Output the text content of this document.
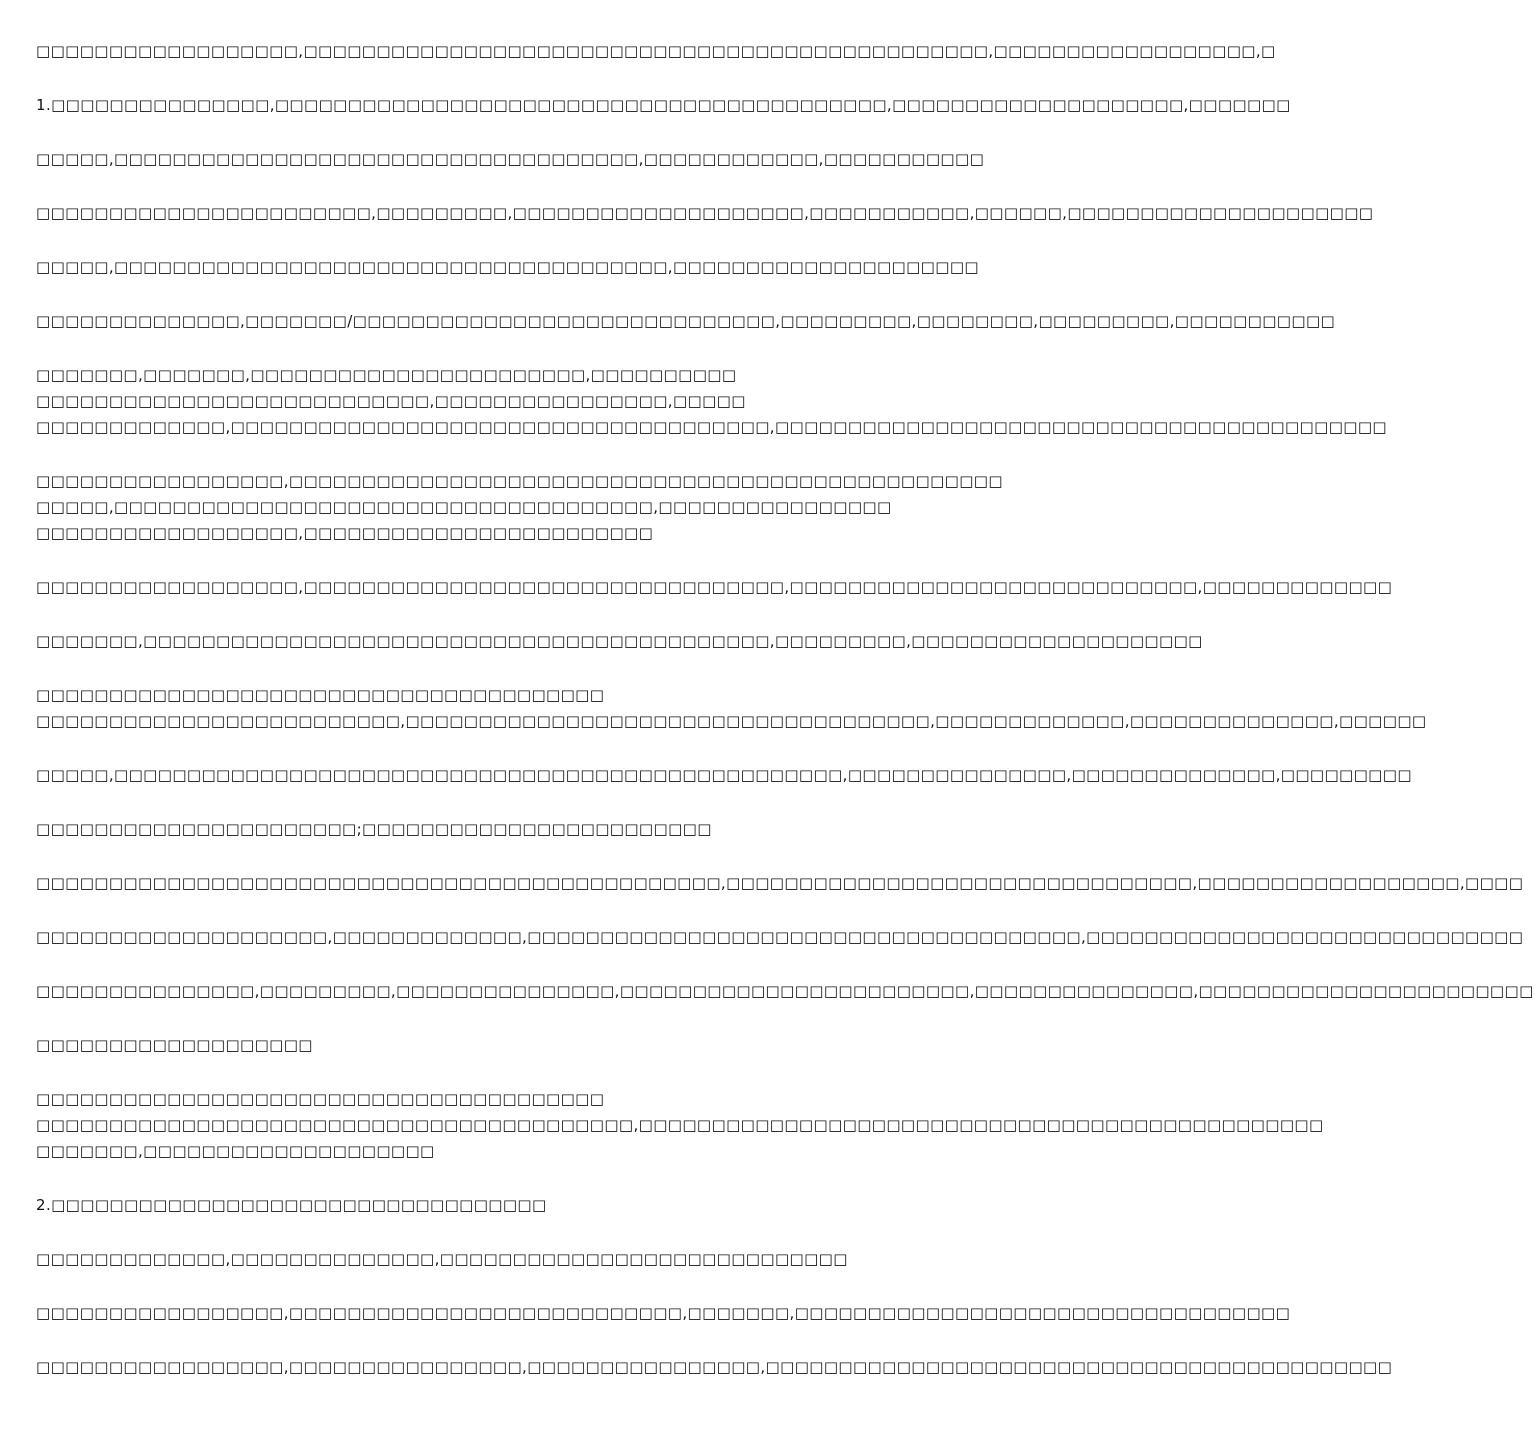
□□□□□□□□□□□□□□□□□□,□□□□□□□□□□□□□□□□□□□□□□□□□□□□□□□□□□□□□□□□□□□□□□□,□□□□□□□□□□□□□□□□□□,□
1.□□□□□□□□□□□□□□□,□□□□□□□□□□□□□□□□□□□□□□□□□□□□□□□□□□□□□□□□□□,□□□□□□□□□□□□□□□□□□□□,□□□□□□□
□□□□□,□□□□□□□□□□□□□□□□□□□□□□□□□□□□□□□□□□□□,□□□□□□□□□□□□,□□□□□□□□□□□
□□□□□□□□□□□□□□□□□□□□□□□,□□□□□□□□□,□□□□□□□□□□□□□□□□□□□□,□□□□□□□□□□□,□□□□□□,□□□□□□□□□□□□□□□□□□□□□
□□□□□,□□□□□□□□□□□□□□□□□□□□□□□□□□□□□□□□□□□□□□,□□□□□□□□□□□□□□□□□□□□□
□□□□□□□□□□□□□□,□□□□□□□/□□□□□□□□□□□□□□□□□□□□□□□□□□□□□,□□□□□□□□□,□□□□□□□□,□□□□□□□□□,□□□□□□□□□□□
□□□□□□□,□□□□□□□,□□□□□□□□□□□□□□□□□□□□□□□,□□□□□□□□□□
□□□□□□□□□□□□□□□□□□□□□□□□□□□,□□□□□□□□□□□□□□□□,□□□□□
□□□□□□□□□□□□□,□□□□□□□□□□□□□□□□□□□□□□□□□□□□□□□□□□□□□,□□□□□□□□□□□□□□□□□□□□□□□□□□□□□□□□□□□□□□□□□□
□□□□□□□□□□□□□□□□□,□□□□□□□□□□□□□□□□□□□□□□□□□□□□□□□□□□□□□□□□□□□□□□□□□
□□□□□,□□□□□□□□□□□□□□□□□□□□□□□□□□□□□□□□□□□□□,□□□□□□□□□□□□□□□□
□□□□□□□□□□□□□□□□□□,□□□□□□□□□□□□□□□□□□□□□□□□
□□□□□□□□□□□□□□□□□□,□□□□□□□□□□□□□□□□□□□□□□□□□□□□□□□□□,□□□□□□□□□□□□□□□□□□□□□□□□□□□□,□□□□□□□□□□□□□
□□□□□□□,□□□□□□□□□□□□□□□□□□□□□□□□□□□□□□□□□□□□□□□□□□□,□□□□□□□□□,□□□□□□□□□□□□□□□□□□□□
□□□□□□□□□□□□□□□□□□□□□□□□□□□□□□□□□□□□□□□
□□□□□□□□□□□□□□□□□□□□□□□□□,□□□□□□□□□□□□□□□□□□□□□□□□□□□□□□□□□□□□,□□□□□□□□□□□□□,□□□□□□□□□□□□□□,□□□□□□
□□□□□,□□□□□□□□□□□□□□□□□□□□□□□□□□□□□□□□□□□□□□□□□□□□□□□□□□,□□□□□□□□□□□□□□□,□□□□□□□□□□□□□□,□□□□□□□□□
□□□□□□□□□□□□□□□□□□□□□□;□□□□□□□□□□□□□□□□□□□□□□□□
□□□□□□□□□□□□□□□□□□□□□□□□□□□□□□□□□□□□□□□□□□□□□□□,□□□□□□□□□□□□□□□□□□□□□□□□□□□□□□□□,□□□□□□□□□□□□□□□□□□,□□□□
□□□□□□□□□□□□□□□□□□□□,□□□□□□□□□□□□□,□□□□□□□□□□□□□□□□□□□□□□□□□□□□□□□□□□□□□□,□□□□□□□□□□□□□□□□□□□□□□□□□□□□□□
□□□□□□□□□□□□□□□,□□□□□□□□□,□□□□□□□□□□□□□□□,□□□□□□□□□□□□□□□□□□□□□□□□,□□□□□□□□□□□□□□□,□□□□□□□□□□□□□□□□□□□□□□□
□□□□□□□□□□□□□□□□□□□
□□□□□□□□□□□□□□□□□□□□□□□□□□□□□□□□□□□□□□□
□□□□□□□□□□□□□□□□□□□□□□□□□□□□□□□□□□□□□□□□□,□□□□□□□□□□□□□□□□□□□□□□□□□□□□□□□□□□□□□□□□□□□□□□□
□□□□□□□,□□□□□□□□□□□□□□□□□□□□
2.□□□□□□□□□□□□□□□□□□□□□□□□□□□□□□□□□□
□□□□□□□□□□□□□,□□□□□□□□□□□□□□,□□□□□□□□□□□□□□□□□□□□□□□□□□□□
□□□□□□□□□□□□□□□□□,□□□□□□□□□□□□□□□□□□□□□□□□□□□,□□□□□□□,□□□□□□□□□□□□□□□□□□□□□□□□□□□□□□□□□□
□□□□□□□□□□□□□□□□□,□□□□□□□□□□□□□□□□,□□□□□□□□□□□□□□□□,□□□□□□□□□□□□□□□□□□□□□□□□□□□□□□□□□□□□□□□□□□□
